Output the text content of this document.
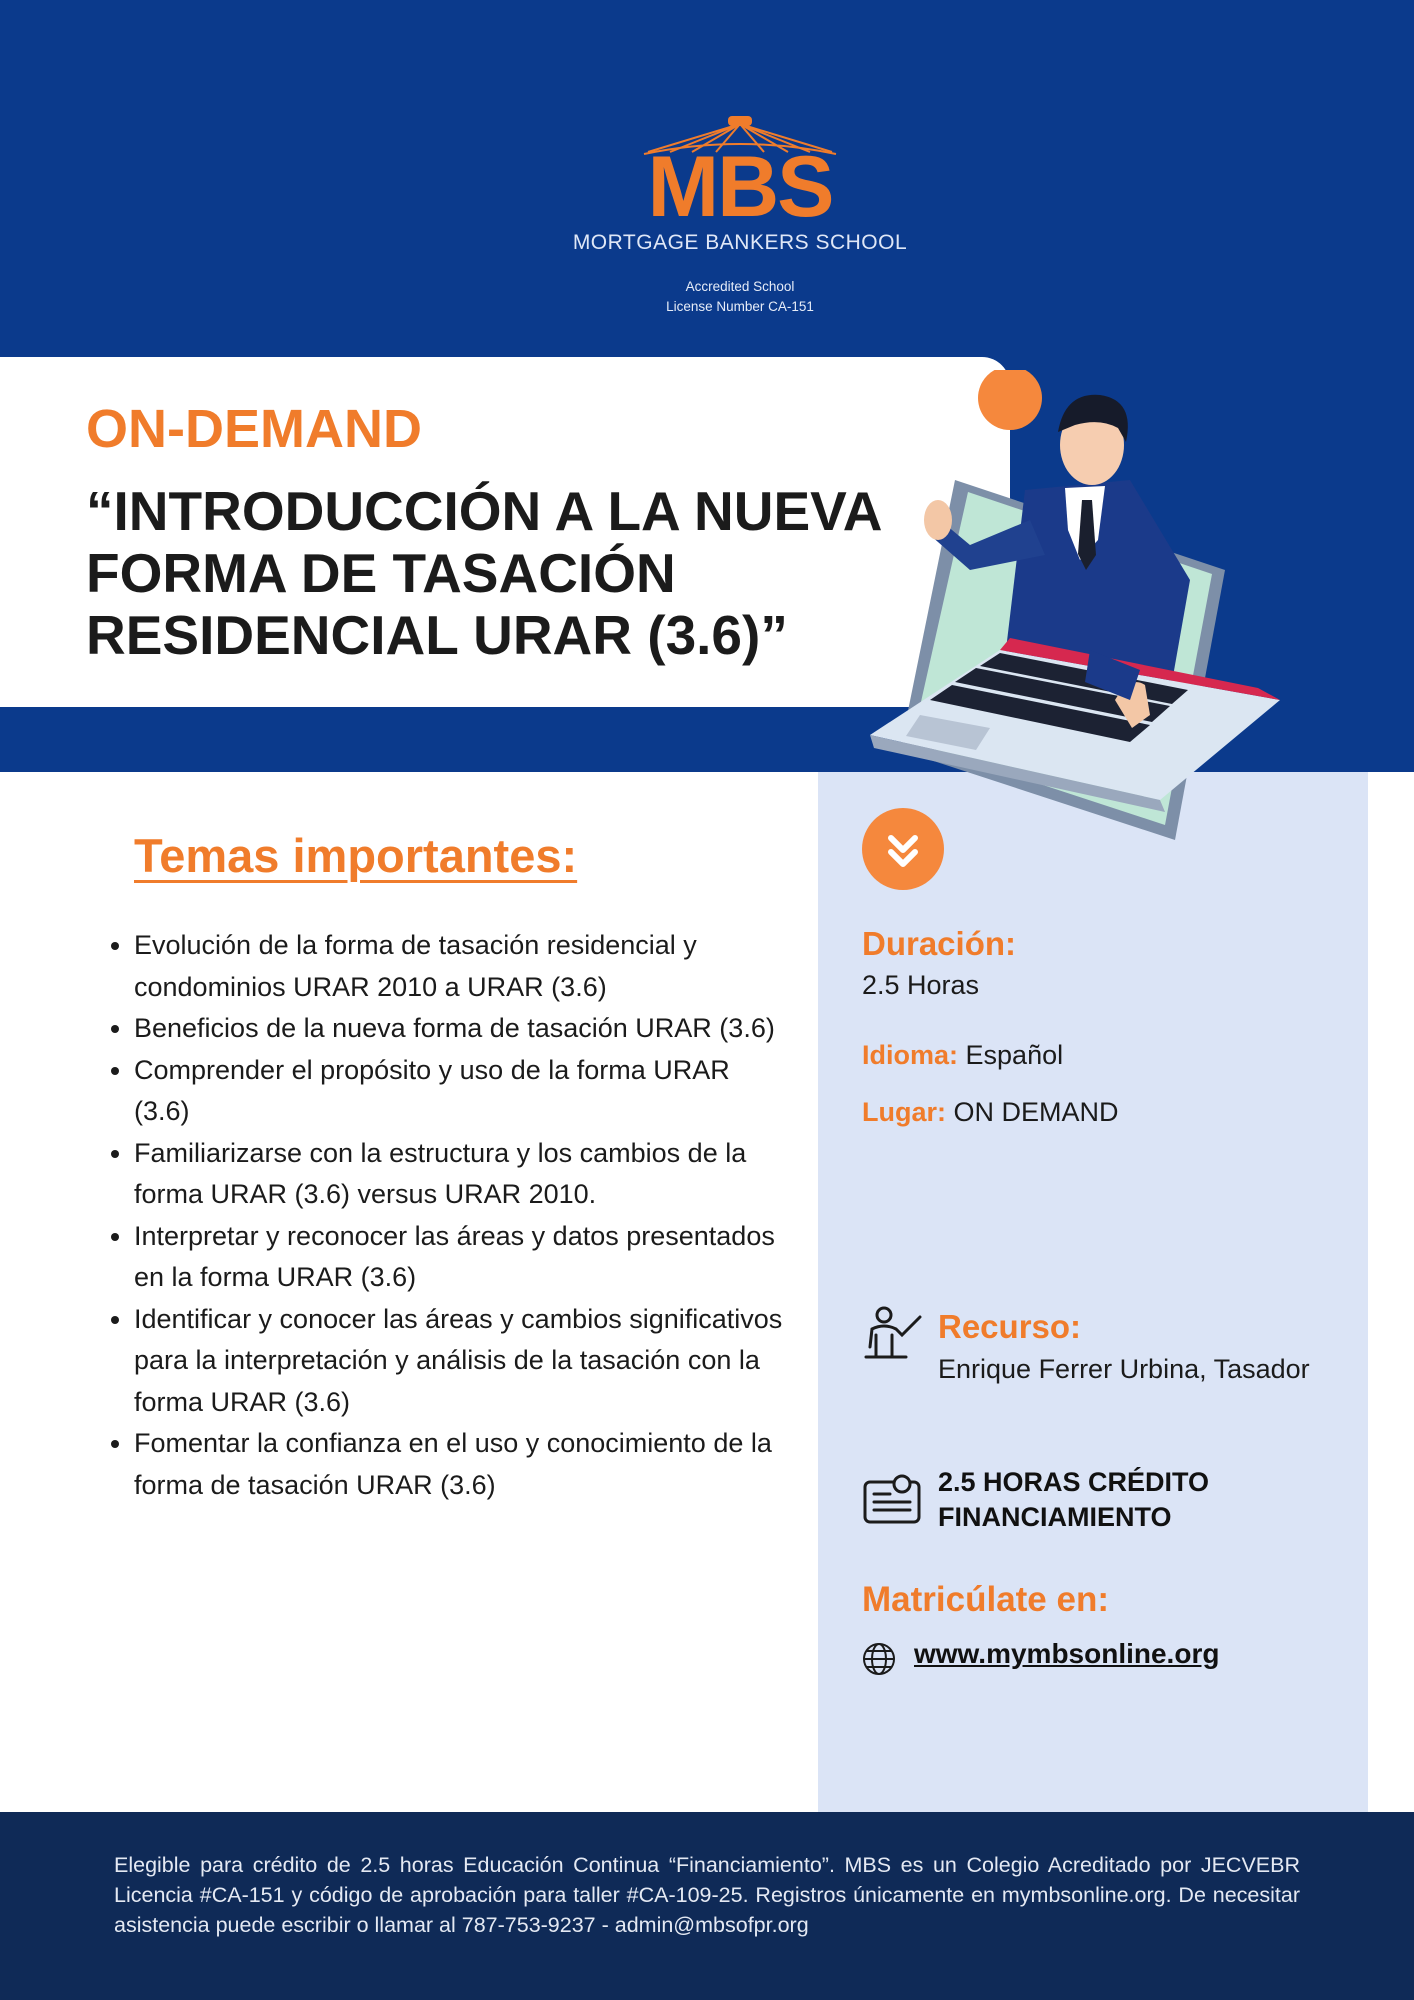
MBS
MORTGAGE BANKERS SCHOOL
Accredited School
License Number CA-151
ON-DEMAND
“INTRODUCCIÓN A LA NUEVA
FORMA DE TASACIÓN
RESIDENCIAL URAR (3.6)”
Temas importantes:
• Evolución de la forma de tasación residencial y condominios URAR 2010 a URAR (3.6)
• Beneficios de la nueva forma de tasación URAR (3.6)
• Comprender el propósito y uso de la forma URAR (3.6)
• Familiarizarse con la estructura y los cambios de la forma URAR (3.6) versus URAR 2010.
• Interpretar y reconocer las áreas y datos presentados en la forma URAR (3.6)
• Identificar y conocer las áreas y cambios significativos para la interpretación y análisis de la tasación con la forma URAR (3.6)
• Fomentar la confianza en el uso y conocimiento de la forma de tasación URAR (3.6)
Duración:
2.5 Horas
Idioma: Español
Lugar: ON DEMAND
Recurso:
Enrique Ferrer Urbina, Tasador
2.5 HORAS CRÉDITO
FINANCIAMIENTO
Matricúlate en:
www.mymbsonline.org
Elegible para crédito de 2.5 horas Educación Continua “Financiamiento”. MBS es un Colegio Acreditado por JECVEBR Licencia #CA-151 y código de aprobación para taller #CA-109-25. Registros únicamente en mymbsonline.org. De necesitar asistencia puede escribir o llamar al 787-753-9237 - admin@mbsofpr.org
